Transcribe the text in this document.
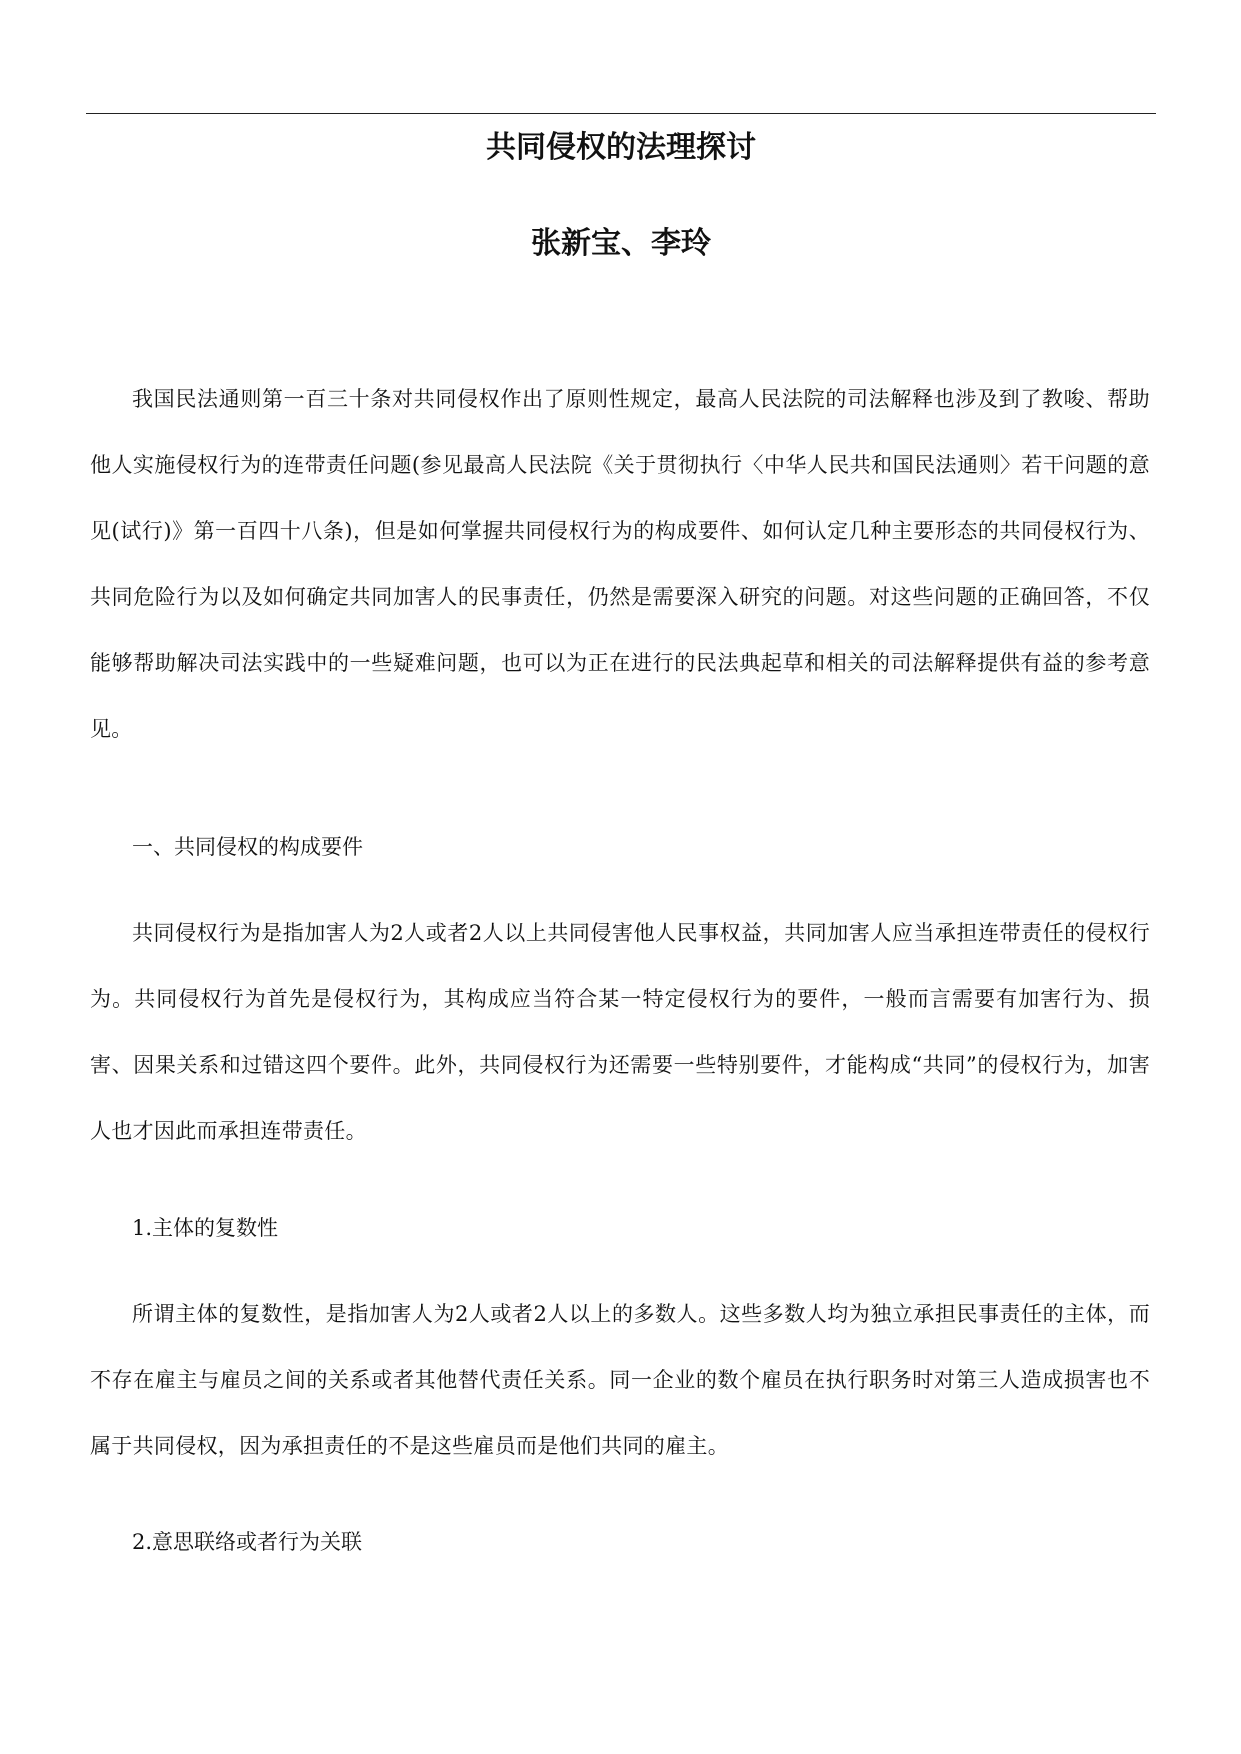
共同侵权的法理探讨
张新宝、李玲

我国民法通则第一百三十条对共同侵权作出了原则性规定，最高人民法院的司法解释也涉及到了教唆、帮助他人实施侵权行为的连带责任问题(参见最高人民法院《关于贯彻执行〈中华人民共和国民法通则〉若干问题的意见(试行)》第一百四十八条)，但是如何掌握共同侵权行为的构成要件、如何认定几种主要形态的共同侵权行为、共同危险行为以及如何确定共同加害人的民事责任，仍然是需要深入研究的问题。对这些问题的正确回答，不仅能够帮助解决司法实践中的一些疑难问题，也可以为正在进行的民法典起草和相关的司法解释提供有益的参考意见。

一、共同侵权的构成要件

共同侵权行为是指加害人为2人或者2人以上共同侵害他人民事权益，共同加害人应当承担连带责任的侵权行为。共同侵权行为首先是侵权行为，其构成应当符合某一特定侵权行为的要件，一般而言需要有加害行为、损害、因果关系和过错这四个要件。此外，共同侵权行为还需要一些特别要件，才能构成“共同”的侵权行为，加害人也才因此而承担连带责任。

1.主体的复数性

所谓主体的复数性，是指加害人为2人或者2人以上的多数人。这些多数人均为独立承担民事责任的主体，而不存在雇主与雇员之间的关系或者其他替代责任关系。同一企业的数个雇员在执行职务时对第三人造成损害也不属于共同侵权，因为承担责任的不是这些雇员而是他们共同的雇主。

2.意思联络或者行为关联
